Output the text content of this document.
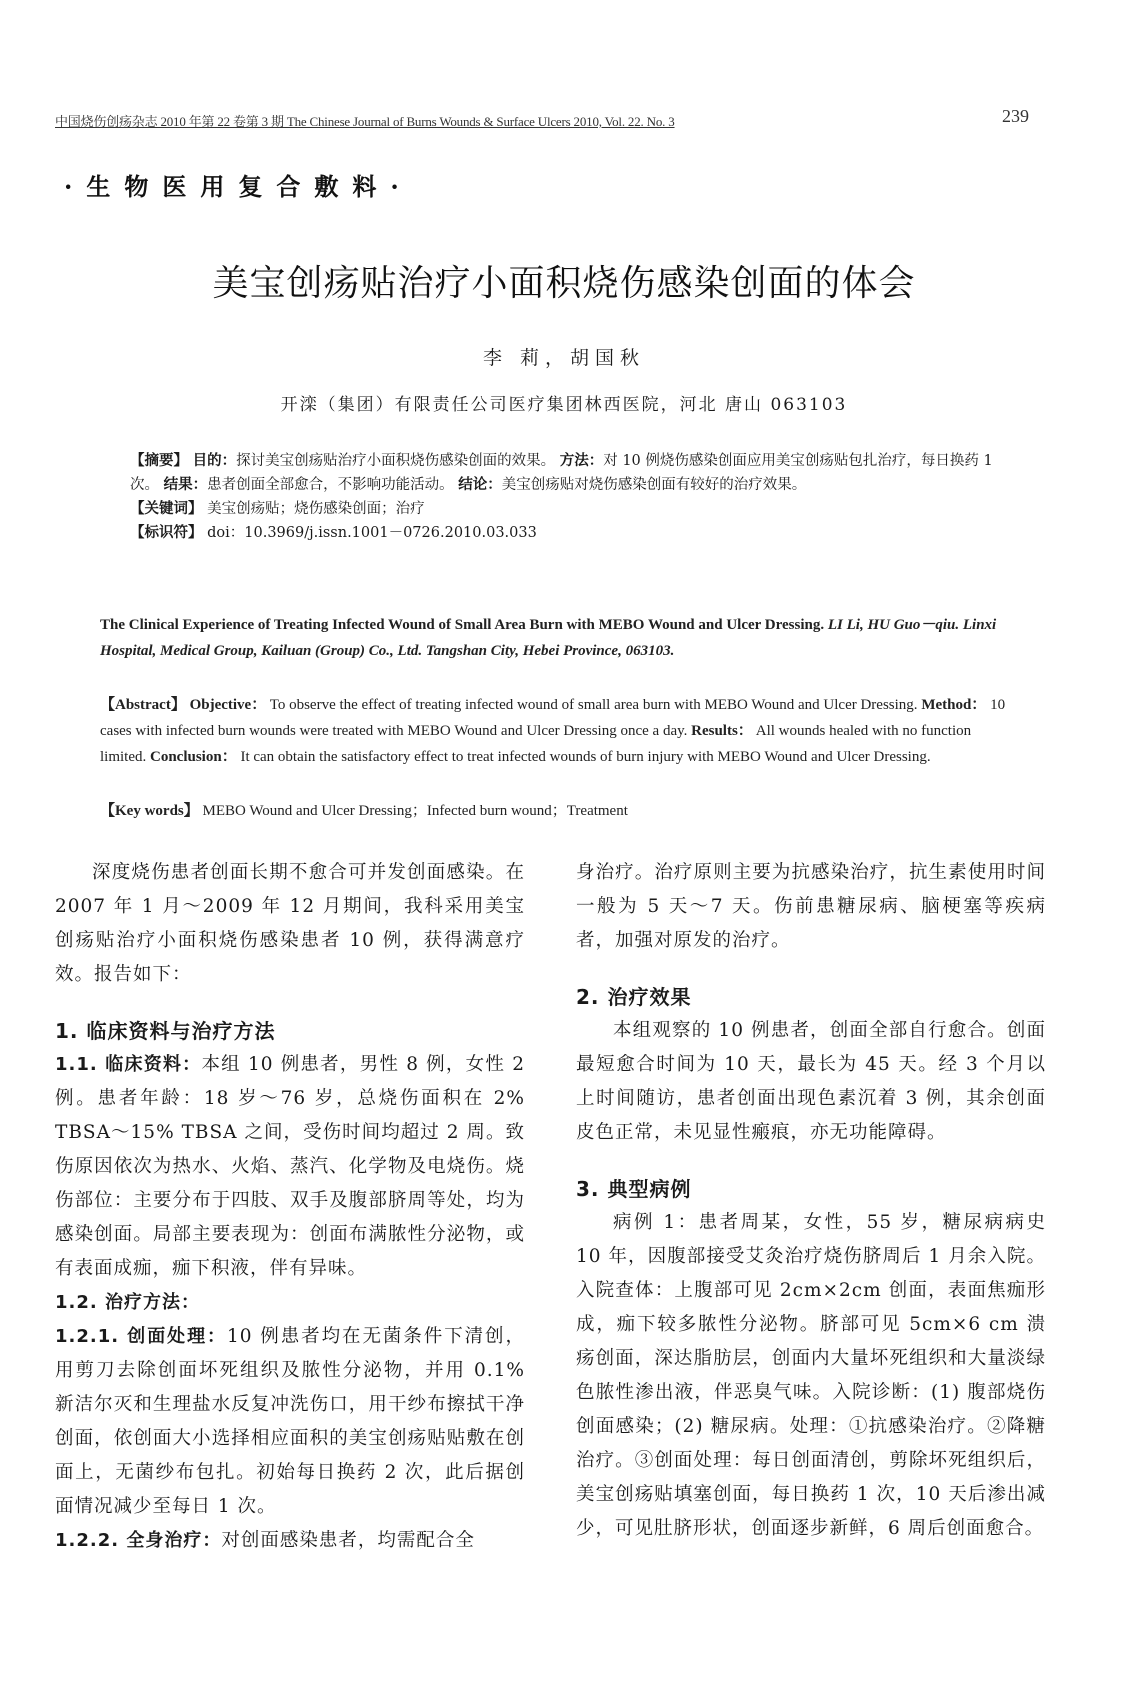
中国烧伤创疡杂志 2010 年第 22 卷第 3 期 The Chinese Journal of Burns Wounds & Surface Ulcers 2010, Vol. 22. No. 3	239
·生物医用复合敷料·
美宝创疡贴治疗小面积烧伤感染创面的体会
李 莉，胡国秋
开滦（集团）有限责任公司医疗集团林西医院，河北 唐山 063103
【摘要】 目的：探讨美宝创疡贴治疗小面积烧伤感染创面的效果。 方法：对 10 例烧伤感染创面应用美宝创疡贴包扎治疗，每日换药 1 次。 结果：患者创面全部愈合，不影响功能活动。 结论：美宝创疡贴对烧伤感染创面有较好的治疗效果。
【关键词】 美宝创疡贴；烧伤感染创面；治疗
【标识符】 doi：10.3969/j.issn.1001－0726.2010.03.033
The Clinical Experience of Treating Infected Wound of Small Area Burn with MEBO Wound and Ulcer Dressing. LI Li, HU Guo－qiu. Linxi Hospital, Medical Group, Kailuan (Group) Co., Ltd. Tangshan City, Hebei Province, 063103.
【Abstract】 Objective： To observe the effect of treating infected wound of small area burn with MEBO Wound and Ulcer Dressing. Method： 10 cases with infected burn wounds were treated with MEBO Wound and Ulcer Dressing once a day. Results： All wounds healed with no function limited. Conclusion： It can obtain the satisfactory effect to treat infected wounds of burn injury with MEBO Wound and Ulcer Dressing.
【Key words】 MEBO Wound and Ulcer Dressing；Infected burn wound；Treatment

深度烧伤患者创面长期不愈合可并发创面感染。在 2007 年 1 月～2009 年 12 月期间，我科采用美宝创疡贴治疗小面积烧伤感染患者 10 例，获得满意疗效。报告如下：

1. 临床资料与治疗方法

1.1. 临床资料：本组 10 例患者，男性 8 例，女性 2 例。患者年龄：18 岁～76 岁，总烧伤面积在 2% TBSA～15% TBSA 之间，受伤时间均超过 2 周。致伤原因依次为热水、火焰、蒸汽、化学物及电烧伤。烧伤部位：主要分布于四肢、双手及腹部脐周等处，均为感染创面。局部主要表现为：创面布满脓性分泌物，或有表面成痂，痂下积液，伴有异味。

1.2. 治疗方法：

1.2.1. 创面处理：10 例患者均在无菌条件下清创，用剪刀去除创面坏死组织及脓性分泌物，并用 0.1% 新洁尔灭和生理盐水反复冲洗伤口，用干纱布擦拭干净创面，依创面大小选择相应面积的美宝创疡贴贴敷在创面上，无菌纱布包扎。初始每日换药 2 次，此后据创面情况减少至每日 1 次。

1.2.2. 全身治疗：对创面感染患者，均需配合全

身治疗。治疗原则主要为抗感染治疗，抗生素使用时间一般为 5 天～7 天。伤前患糖尿病、脑梗塞等疾病者，加强对原发的治疗。

2. 治疗效果

本组观察的 10 例患者，创面全部自行愈合。创面最短愈合时间为 10 天，最长为 45 天。经 3 个月以上时间随访，患者创面出现色素沉着 3 例，其余创面皮色正常，未见显性瘢痕，亦无功能障碍。

3. 典型病例

病例 1：患者周某，女性，55 岁，糖尿病病史 10 年，因腹部接受艾灸治疗烧伤脐周后 1 月余入院。入院查体：上腹部可见 2cm×2cm 创面，表面焦痂形成，痂下较多脓性分泌物。脐部可见 5cm×6 cm 溃疡创面，深达脂肪层，创面内大量坏死组织和大量淡绿色脓性渗出液，伴恶臭气味。入院诊断：(1) 腹部烧伤创面感染；(2) 糖尿病。处理：①抗感染治疗。②降糖治疗。③创面处理：每日创面清创，剪除坏死组织后，美宝创疡贴填塞创面，每日换药 1 次，10 天后渗出减少，可见肚脐形状，创面逐步新鲜，6 周后创面愈合。
